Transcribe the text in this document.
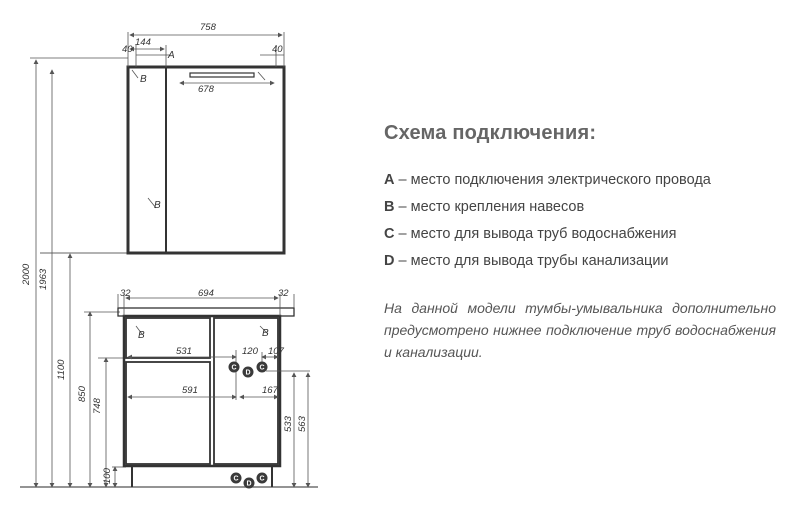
758
144
40	40
678
A
B
B
2000 1963
1100
850
748
100
694
32	32
B	B
531	120 107
591	167
533 563
C
D
C
C
D
C
Схема подключения:
A – место подключения электрического провода
B – место крепления навесов
C – место для вывода труб водоснабжения
D – место для вывода трубы канализации
На данной модели тумбы-умывальника дополнительно предусмотрено нижнее подключение труб водоснабжения и канализации.
